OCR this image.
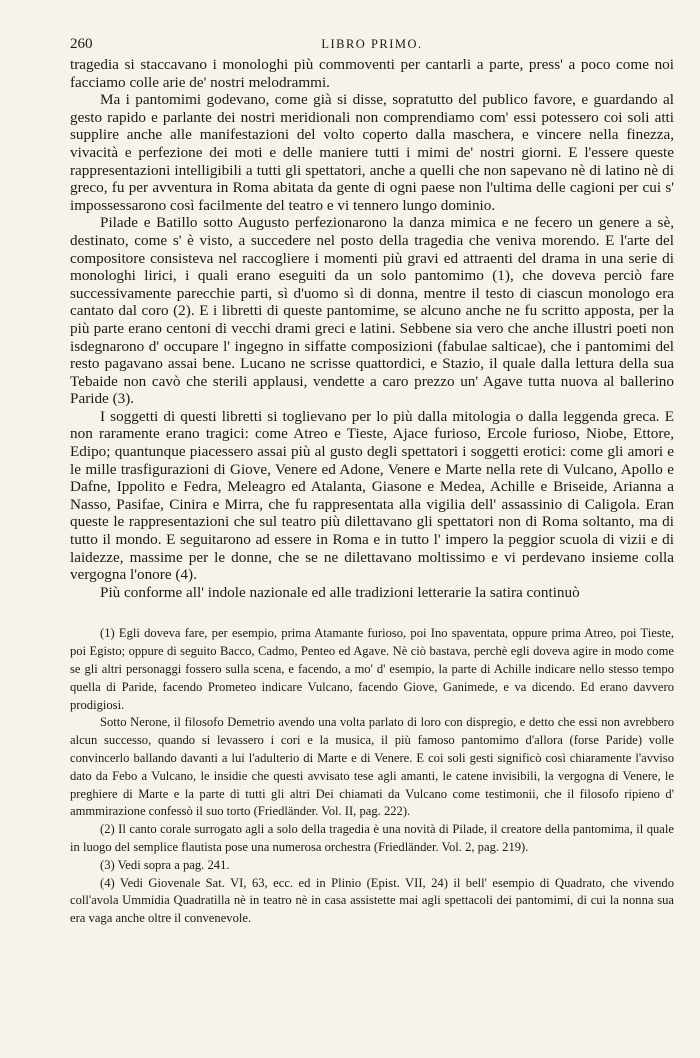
260	LIBRO PRIMO.

tragedia si staccavano i monologhi più commoventi per cantarli a parte, press' a poco come noi facciamo colle arie de' nostri melodrammi.

Ma i pantomimi godevano, come già si disse, sopratutto del publico favore, e guardando al gesto rapido e parlante dei nostri meridionali non comprendiamo com' essi potessero coi soli atti supplire anche alle manifestazioni del volto coperto dalla maschera, e vincere nella finezza, vivacità e perfezione dei moti e delle maniere tutti i mimi de' nostri giorni. E l'essere queste rappresentazioni intelligibili a tutti gli spettatori, anche a quelli che non sapevano nè di latino nè di greco, fu per avventura in Roma abitata da gente di ogni paese non l'ultima delle cagioni per cui s' impossessarono così facilmente del teatro e vi tennero lungo dominio.

Pilade e Batillo sotto Augusto perfezionarono la danza mimica e ne fecero un genere a sè, destinato, come s' è visto, a succedere nel posto della tragedia che veniva morendo. E l'arte del compositore consisteva nel raccogliere i momenti più gravi ed attraenti del drama in una serie di monologhi lirici, i quali erano eseguiti da un solo pantomimo (1), che doveva perciò fare successivamente parecchie parti, sì d'uomo sì di donna, mentre il testo di ciascun monologo era cantato dal coro (2). E i libretti di queste pantomime, se alcuno anche ne fu scritto apposta, per la più parte erano centoni di vecchi drami greci e latini. Sebbene sia vero che anche illustri poeti non isdegnarono d' occupare l' ingegno in siffatte composizioni (fabulae salticae), che i pantomimi del resto pagavano assai bene. Lucano ne scrisse quattordici, e Stazio, il quale dalla lettura della sua Tebaide non cavò che sterili applausi, vendette a caro prezzo un' Agave tutta nuova al ballerino Paride (3).

I soggetti di questi libretti si toglievano per lo più dalla mitologia o dalla leggenda greca. E non raramente erano tragici: come Atreo e Tieste, Ajace furioso, Ercole furioso, Niobe, Ettore, Edipo; quantunque piacessero assai più al gusto degli spettatori i soggetti erotici: come gli amori e le mille trasfigurazioni di Giove, Venere ed Adone, Venere e Marte nella rete di Vulcano, Apollo e Dafne, Ippolito e Fedra, Meleagro ed Atalanta, Giasone e Medea, Achille e Briseide, Arianna a Nasso, Pasifae, Cinira e Mirra, che fu rappresentata alla vigilia dell' assassinio di Caligola. Eran queste le rappresentazioni che sul teatro più dilettavano gli spettatori non di Roma soltanto, ma di tutto il mondo. E seguitarono ad essere in Roma e in tutto l' impero la peggior scuola di vizii e di laidezze, massime per le donne, che se ne dilettavano moltissimo e vi perdevano insieme colla vergogna l'onore (4).

Più conforme all' indole nazionale ed alle tradizioni letterarie la satira continuò

(1) Egli doveva fare, per esempio, prima Atamante furioso, poi Ino spaventata, oppure prima Atreo, poi Tieste, poi Egisto; oppure di seguito Bacco, Cadmo, Penteo ed Agave. Nè ciò bastava, perchè egli doveva agire in modo come se gli altri personaggi fossero sulla scena, e facendo, a mo' d' esempio, la parte di Achille indicare nello stesso tempo quella di Paride, facendo Prometeo indicare Vulcano, facendo Giove, Ganimede, e va dicendo. Ed erano davvero prodigiosi.

Sotto Nerone, il filosofo Demetrio avendo una volta parlato di loro con dispregio, e detto che essi non avrebbero alcun successo, quando si levassero i cori e la musica, il più famoso pantomimo d'allora (forse Paride) volle convincerlo ballando davanti a lui l'adulterio di Marte e di Venere. E coi soli gesti significò così chiaramente l'avviso dato da Febo a Vulcano, le insidie che questi avvisato tese agli amanti, le catene invisibili, la vergogna di Venere, le preghiere di Marte e la parte di tutti gli altri Dei chiamati da Vulcano come testimonii, che il filosofo ripieno d' ammmirazione confessò il suo torto (Friedländer. Vol. II, pag. 222).

(2) Il canto corale surrogato agli a solo della tragedia è una novità di Pilade, il creatore della pantomima, il quale in luogo del semplice flautista pose una numerosa orchestra (Friedländer. Vol. 2, pag. 219).

(3) Vedi sopra a pag. 241.

(4) Vedi Giovenale Sat. VI, 63, ecc. ed in Plinio (Epist. VII, 24) il bell' esempio di Quadrato, che vivendo coll'avola Ummidia Quadratilla nè in teatro nè in casa assistette mai agli spettacoli dei pantomimi, di cui la nonna sua era vaga anche oltre il convenevole.
